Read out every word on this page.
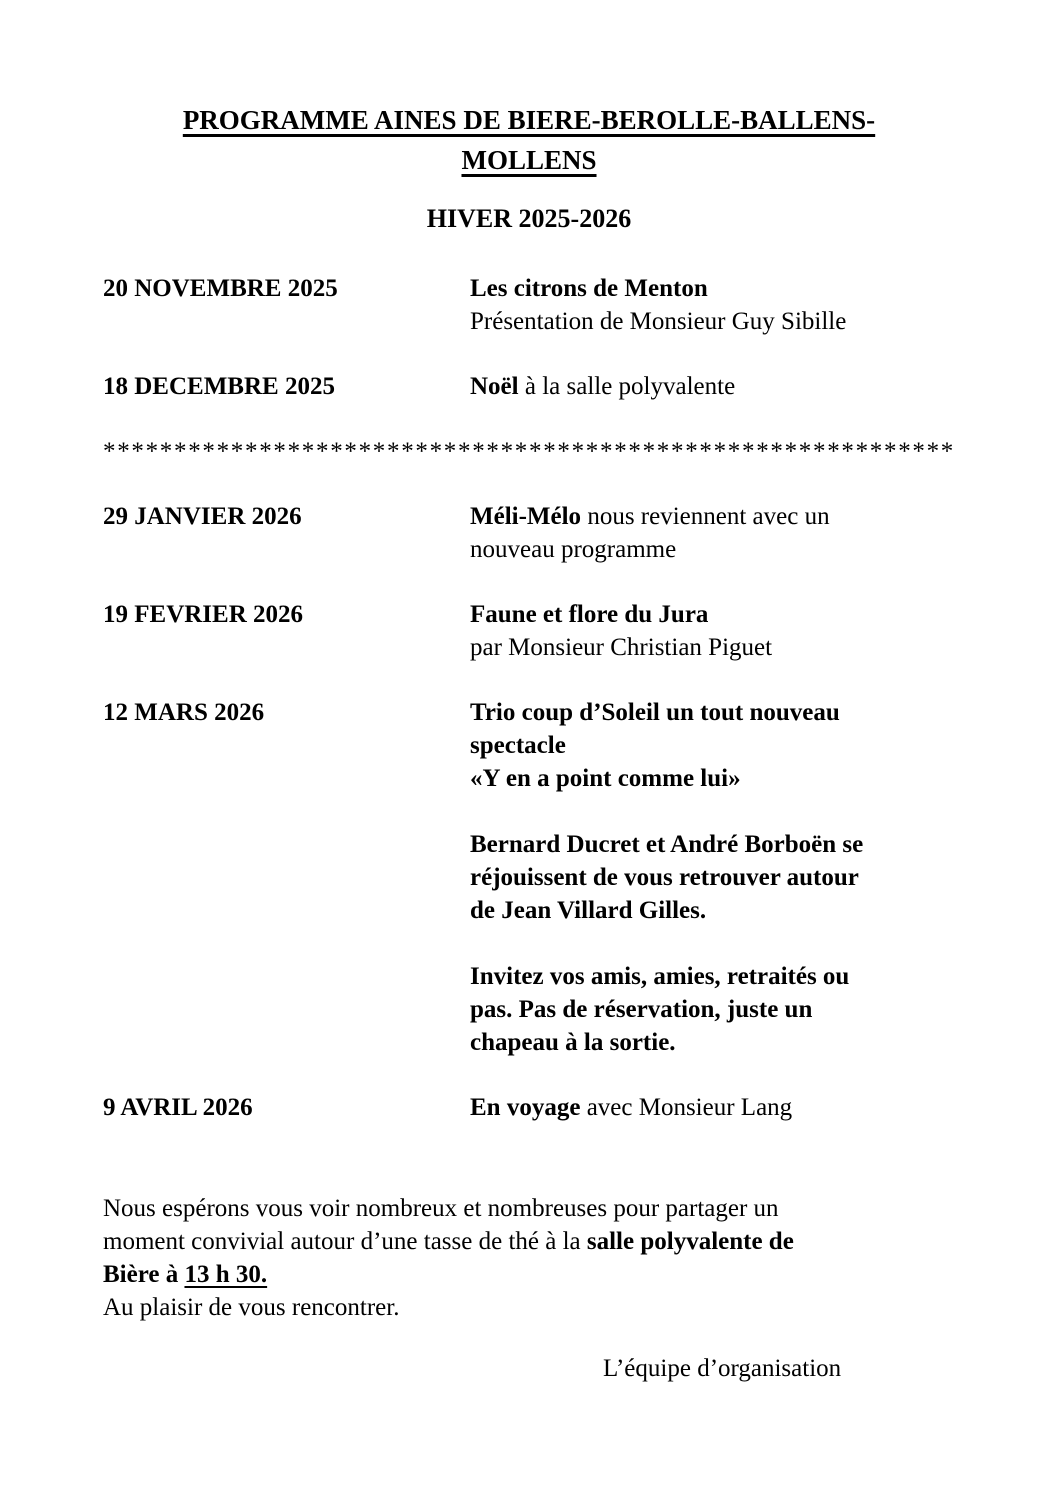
PROGRAMME AINES DE BIERE-BEROLLE-BALLENS-
MOLLENS
HIVER 2025-2026
20 NOVEMBRE 2025	Les citrons de Menton
Présentation de Monsieur Guy Sibille
18 DECEMBRE 2025	Noël à la salle polyvalente
************************************************************
29 JANVIER 2026	Méli-Mélo nous reviennent avec un
nouveau programme
19 FEVRIER 2026	Faune et flore du Jura
par Monsieur Christian Piguet
12 MARS 2026	Trio coup d’Soleil un tout nouveau
spectacle
«Y en a point comme lui»
Bernard Ducret et André Borboën se
réjouissent de vous retrouver autour
de Jean Villard Gilles.
Invitez vos amis, amies, retraités ou
pas. Pas de réservation, juste un
chapeau à la sortie.
9 AVRIL 2026	En voyage avec Monsieur Lang
Nous espérons vous voir nombreux et nombreuses pour partager un
moment convivial autour d’une tasse de thé à la salle polyvalente de
Bière à 13 h 30.
Au plaisir de vous rencontrer.
L’équipe d’organisation
